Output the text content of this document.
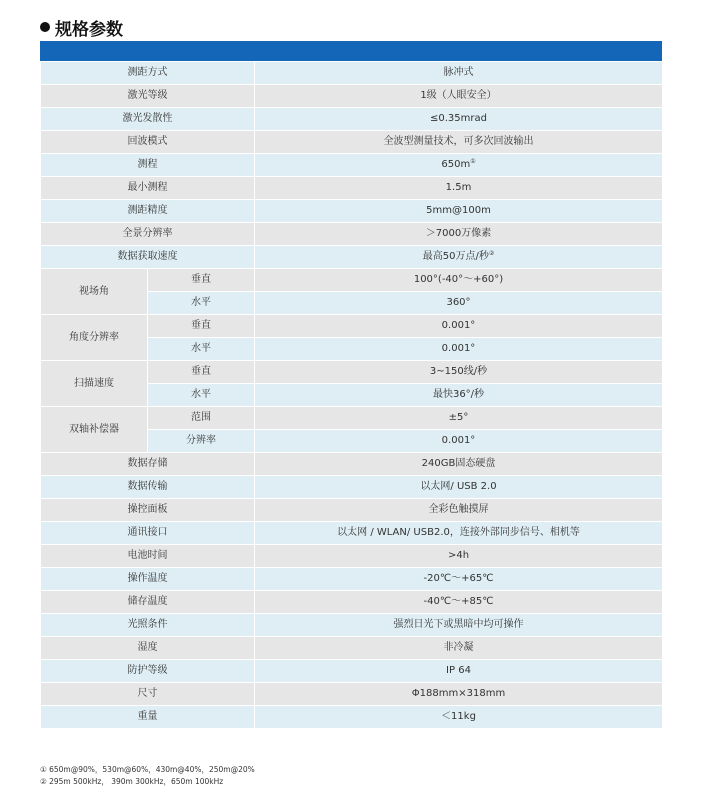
规格参数
测距方式		脉冲式
激光等级		1级（人眼安全）
激光发散性		≤0.35mrad
回波模式		全波型测量技术，可多次回波输出
测程		650m①
最小测程		1.5m
测距精度		5mm@100m
全景分辨率		＞7000万像素
数据获取速度		最高50万点/秒②
视场角	垂直	100°(-40°～+60°)
	水平	360°
角度分辨率	垂直	0.001°
	水平	0.001°
扫描速度	垂直	3~150线/秒
	水平	最快36°/秒
双轴补偿器	范围	±5°
	分辨率	0.001°
数据存储		240GB固态硬盘
数据传输		以太网/ USB 2.0
操控面板		全彩色触摸屏
通讯接口		以太网 / WLAN/ USB2.0，连接外部同步信号、相机等
电池时间		>4h
操作温度		-20℃～+65℃
储存温度		-40℃～+85℃
光照条件		强烈日光下或黑暗中均可操作
湿度		非冷凝
防护等级		IP 64
尺寸		Φ188mm×318mm
重量		＜11kg
① 650m@90%，530m@60%，430m@40%，250m@20%
② 295m 500kHz， 390m 300kHz，650m 100kHz
